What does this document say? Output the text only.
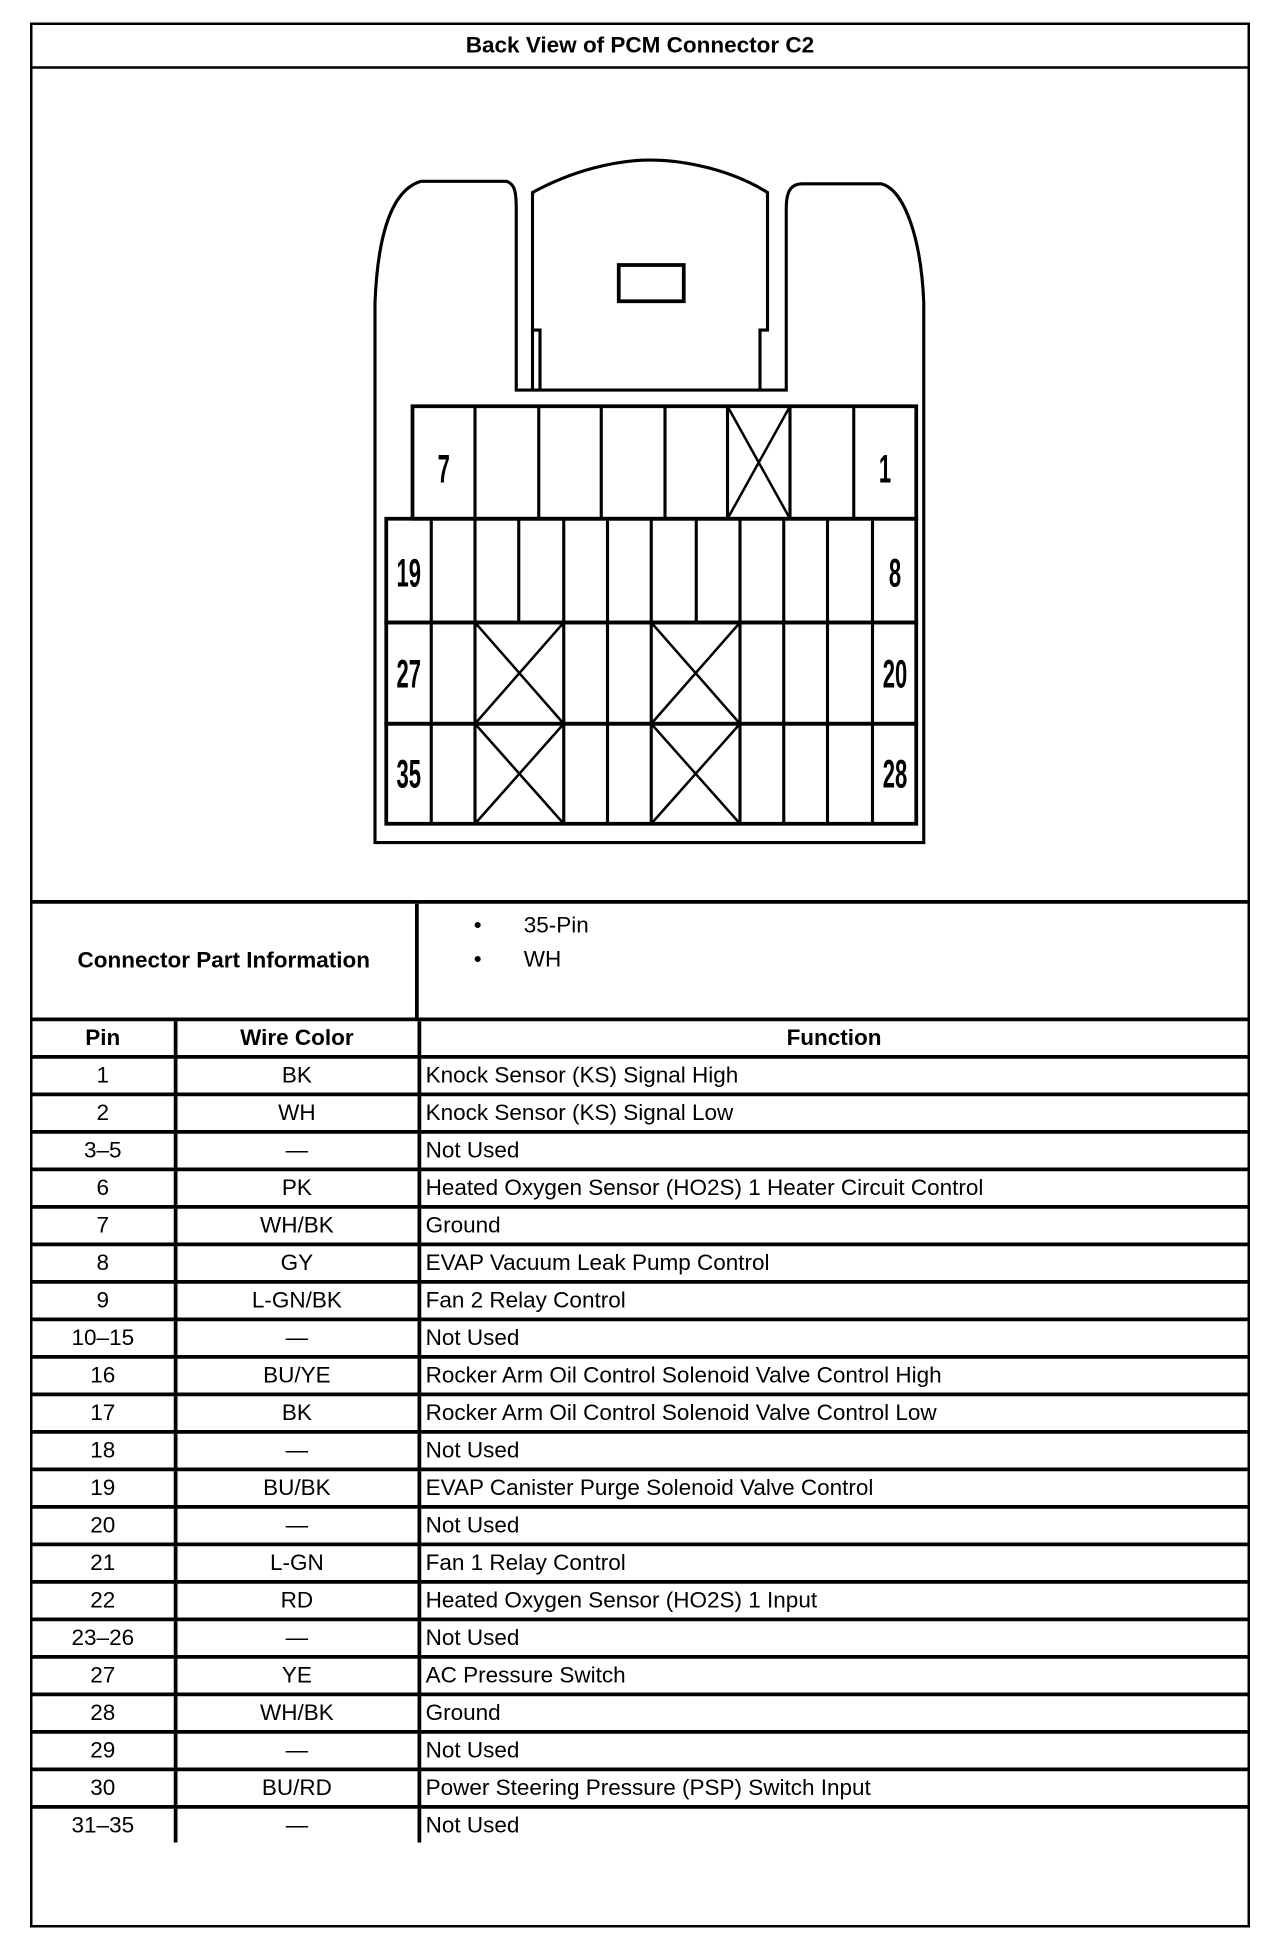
Back View of PCM Connector C2
7	1
19	8
27	20
35	28
Connector Part Information
• 35-Pin
• WH
Pin	Wire Color	Function
1	BK	Knock Sensor (KS) Signal High
2	WH	Knock Sensor (KS) Signal Low
3–5	—	Not Used
6	PK	Heated Oxygen Sensor (HO2S) 1 Heater Circuit Control
7	WH/BK	Ground
8	GY	EVAP Vacuum Leak Pump Control
9	L-GN/BK	Fan 2 Relay Control
10–15	—	Not Used
16	BU/YE	Rocker Arm Oil Control Solenoid Valve Control High
17	BK	Rocker Arm Oil Control Solenoid Valve Control Low
18	—	Not Used
19	BU/BK	EVAP Canister Purge Solenoid Valve Control
20	—	Not Used
21	L-GN	Fan 1 Relay Control
22	RD	Heated Oxygen Sensor (HO2S) 1 Input
23–26	—	Not Used
27	YE	AC Pressure Switch
28	WH/BK	Ground
29	—	Not Used
30	BU/RD	Power Steering Pressure (PSP) Switch Input
31–35	—	Not Used
